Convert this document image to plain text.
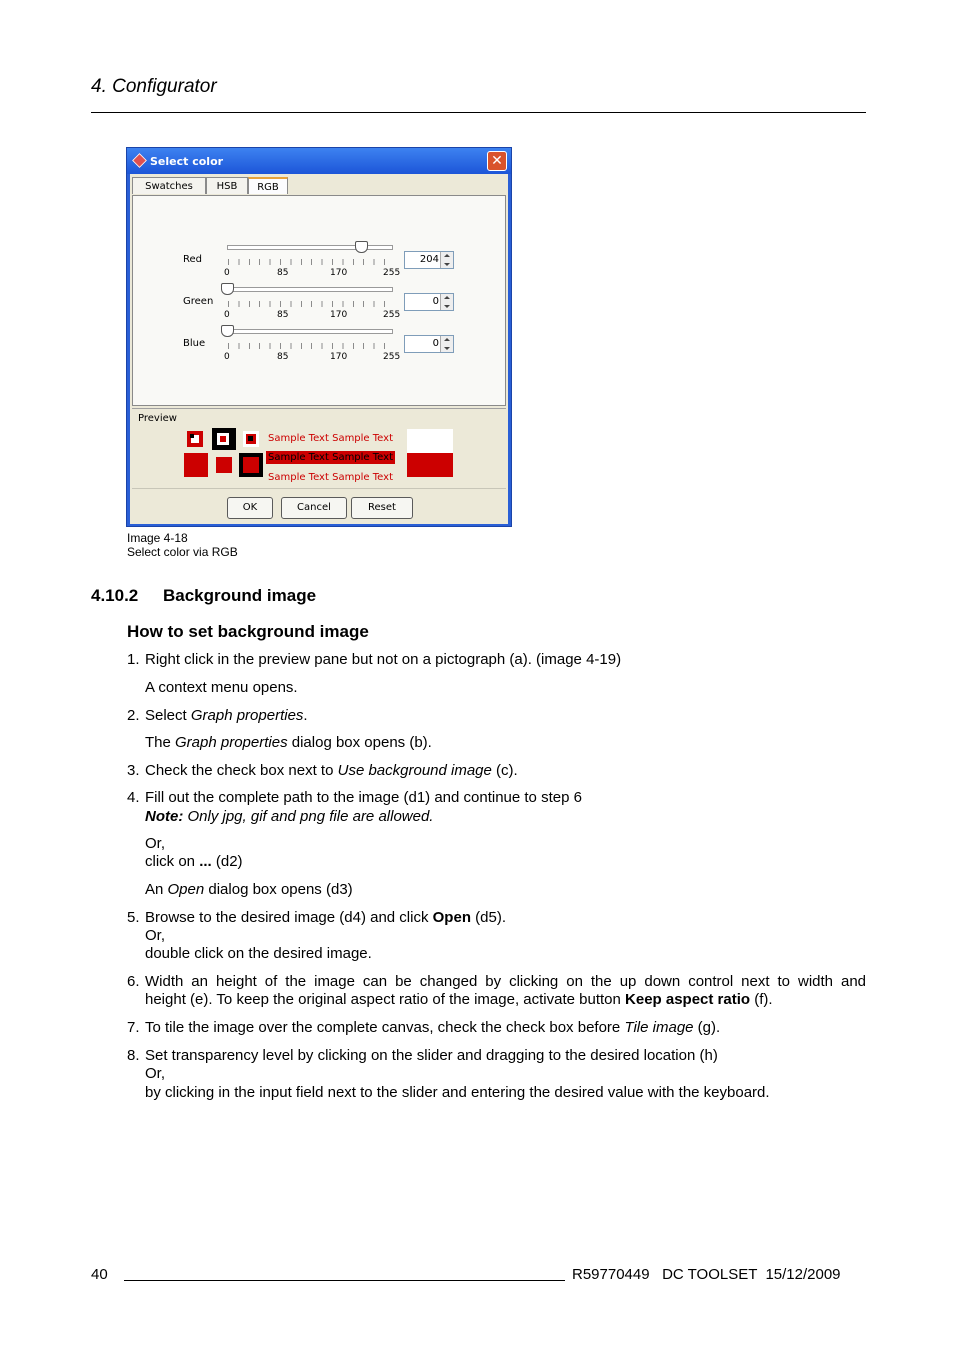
4. Configurator
Select color	✕
Swatches	HSB	RGB
Red
0	85	170	255
204
Green
0	85	170	255
0
Blue
0	85	170	255
0
Preview
Sample Text Sample Text
Sample Text Sample Text
Sample Text Sample Text
OK	Cancel	Reset
Image 4-18
Select color via RGB
4.10.2 Background image
How to set background image
1. Right click in the preview pane but not on a pictograph (a). (image 4-19)
A context menu opens.
2. Select Graph properties.
The Graph properties dialog box opens (b).
3. Check the check box next to Use background image (c).
4. Fill out the complete path to the image (d1) and continue to step 6
Note: Only jpg, gif and png file are allowed.
Or,
click on ... (d2)
An Open dialog box opens (d3)
5. Browse to the desired image (d4) and click Open (d5).
Or,
double click on the desired image.
6. Width an height of the image can be changed by clicking on the up down control next to width and
height (e). To keep the original aspect ratio of the image, activate button Keep aspect ratio (f).
7. To tile the image over the complete canvas, check the check box before Tile image (g).
8. Set transparency level by clicking on the slider and dragging to the desired location (h)
Or,
by clicking in the input field next to the slider and entering the desired value with the keyboard.
40	R59770449   DC TOOLSET  15/12/2009
